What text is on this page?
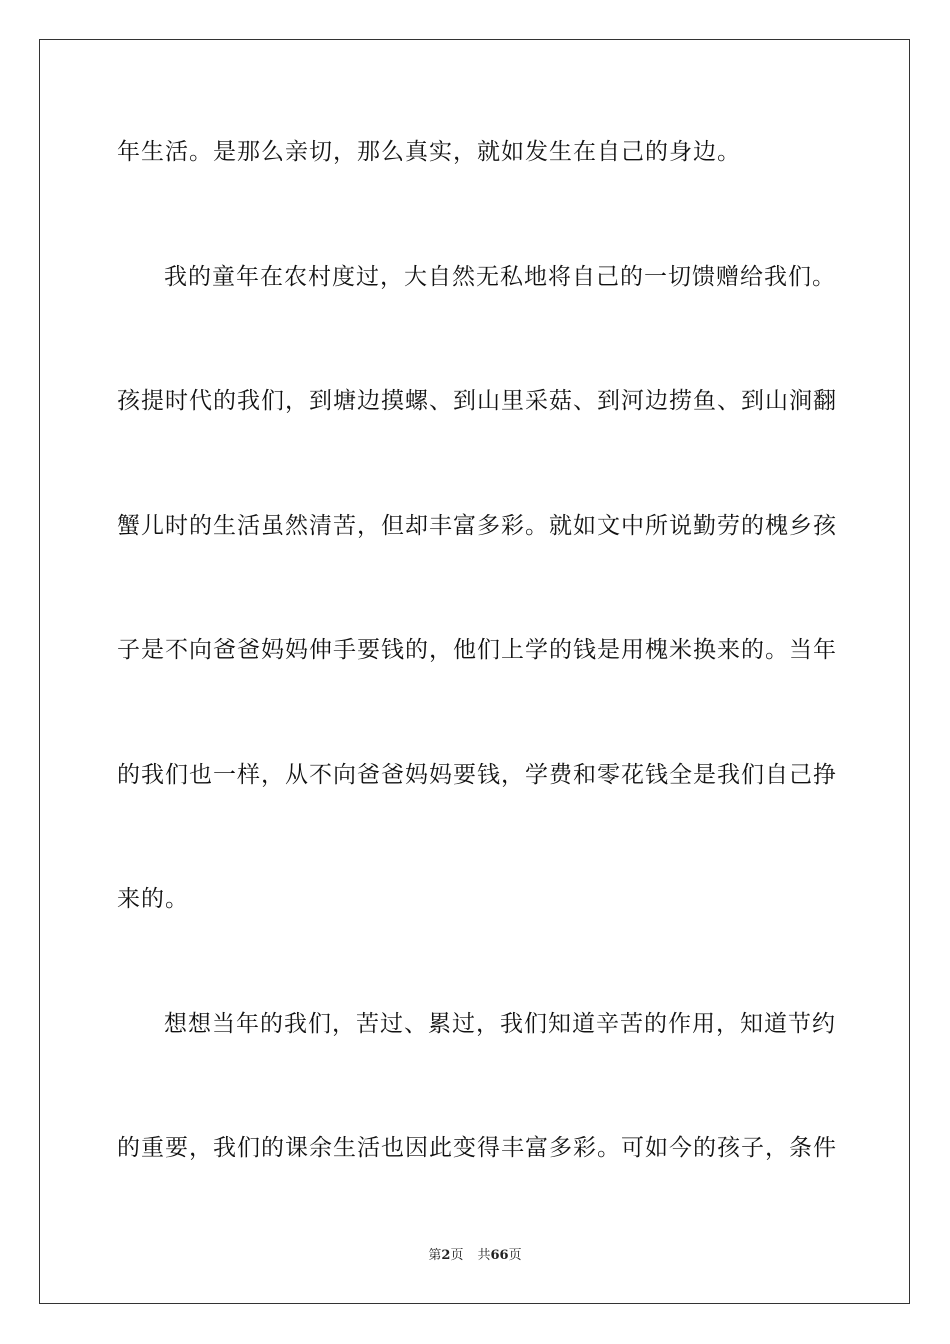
年生活。是那么亲切，那么真实，就如发生在自己的身边。
我的童年在农村度过，大自然无私地将自己的一切馈赠给我们。
孩提时代的我们，到塘边摸螺、到山里采菇、到河边捞鱼、到山涧翻
蟹儿时的生活虽然清苦，但却丰富多彩。就如文中所说勤劳的槐乡孩
子是不向爸爸妈妈伸手要钱的，他们上学的钱是用槐米换来的。当年
的我们也一样，从不向爸爸妈妈要钱，学费和零花钱全是我们自己挣
来的。
想想当年的我们，苦过、累过，我们知道辛苦的作用，知道节约
的重要，我们的课余生活也因此变得丰富多彩。可如今的孩子，条件
第2页 共66页
